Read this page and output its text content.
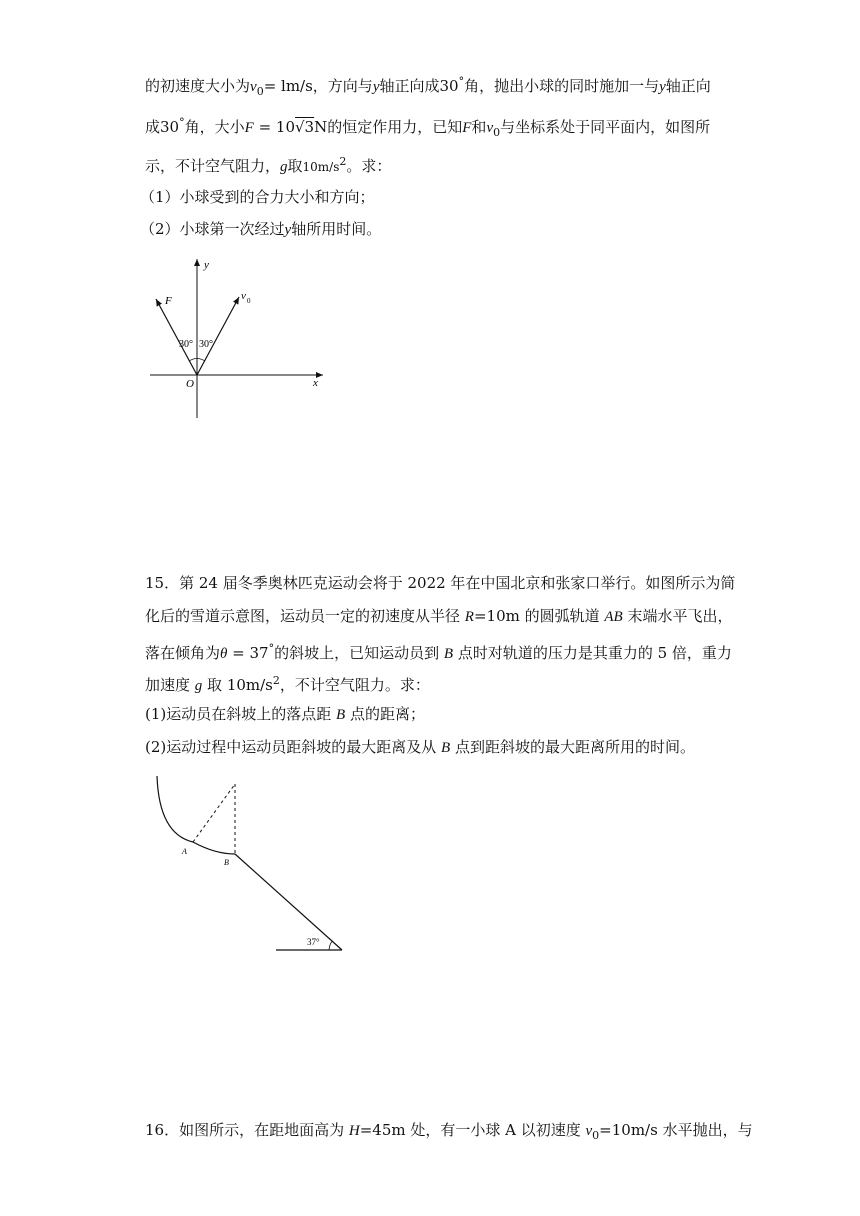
的初速度大小为$v_0= lm/s$，方向与y轴正向成30°角，抛出小球的同时施加一与y轴正向
成30°角，大小F = 10√3N的恒定作用力，已知F和$v_0$与坐标系处于同平面内，如图所
示，不计空气阻力，g取$10m/s^2$。求：
（1）小球受到的合力大小和方向；
（2）小球第一次经过y轴所用时间。
y
x
O
F	v 0
30° 30°
15．第 24 届冬季奥林匹克运动会将于 2022 年在中国北京和张家口举行。如图所示为简
化后的雪道示意图，运动员一定的初速度从半径 R=10m 的圆弧轨道 AB 末端水平飞出，
落在倾角为θ = 37°的斜坡上，已知运动员到 B 点时对轨道的压力是其重力的 5 倍，重力
加速度 g 取 $10m/s^2$，不计空气阻力。求：
(1)运动员在斜坡上的落点距 B 点的距离；
(2)运动过程中运动员距斜坡的最大距离及从 B 点到距斜坡的最大距离所用的时间。
A
B
37°
16．如图所示，在距地面高为 H=45m 处，有一小球 A 以初速度 $v_0=10m/s$ 水平抛出，与
